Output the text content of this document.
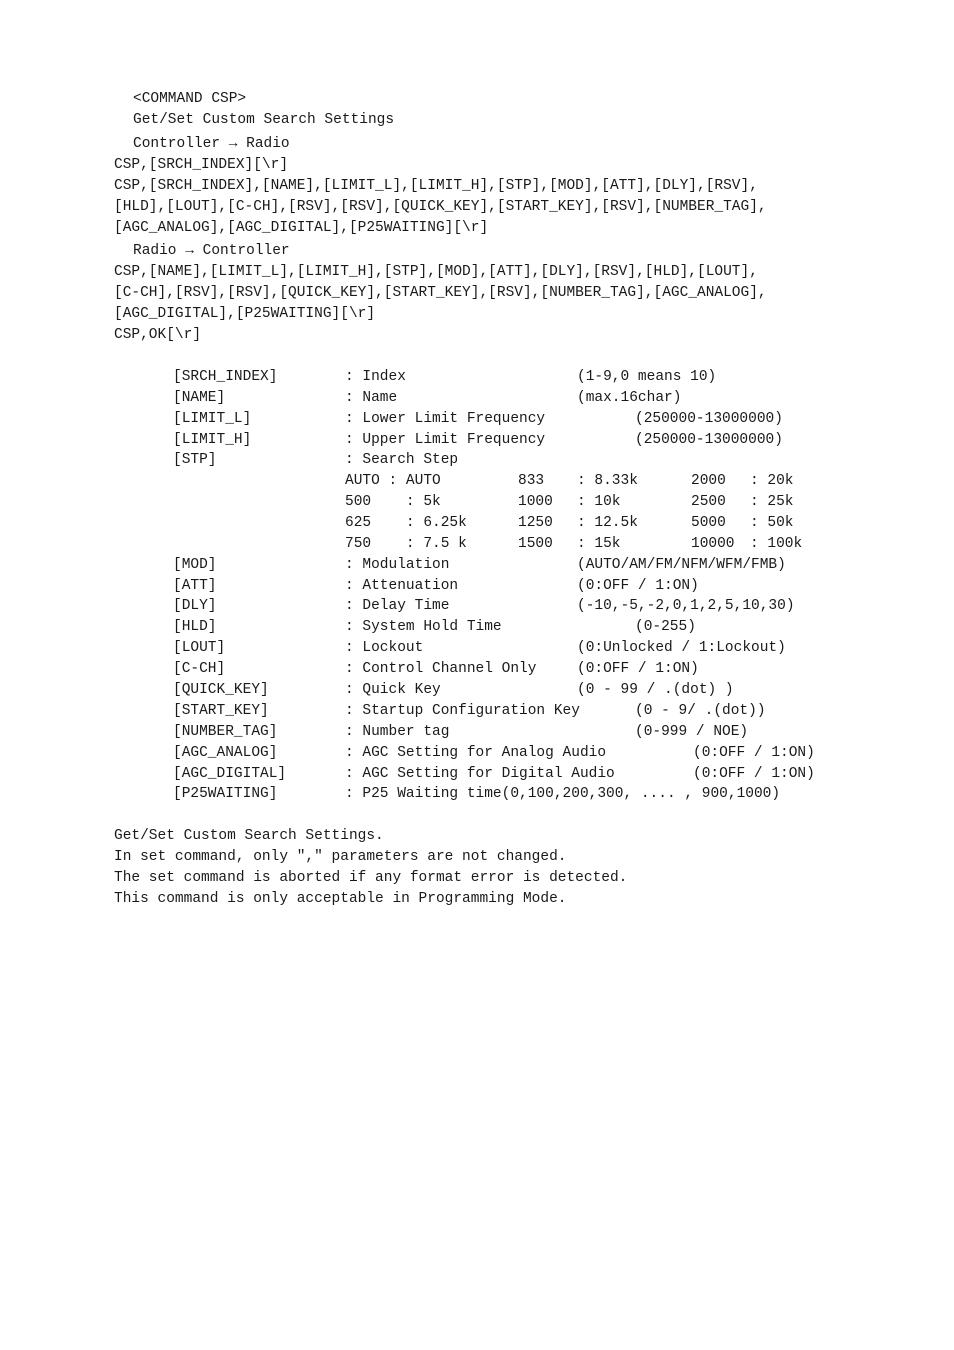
<COMMAND CSP>
Get/Set Custom Search Settings
Controller → Radio
CSP,[SRCH_INDEX][\r]
CSP,[SRCH_INDEX],[NAME],[LIMIT_L],[LIMIT_H],[STP],[MOD],[ATT],[DLY],[RSV],
[HLD],[LOUT],[C-CH],[RSV],[RSV],[QUICK_KEY],[START_KEY],[RSV],[NUMBER_TAG],
[AGC_ANALOG],[AGC_DIGITAL],[P25WAITING][\r]
Radio → Controller
CSP,[NAME],[LIMIT_L],[LIMIT_H],[STP],[MOD],[ATT],[DLY],[RSV],[HLD],[LOUT],
[C-CH],[RSV],[RSV],[QUICK_KEY],[START_KEY],[RSV],[NUMBER_TAG],[AGC_ANALOG],
[AGC_DIGITAL],[P25WAITING][\r]
CSP,OK[\r]
[SRCH_INDEX]	: Index	(1-9,0 means 10)
[NAME]	: Name	(max.16char)
[LIMIT_L]	: Lower Limit Frequency	(250000-13000000)
[LIMIT_H]	: Upper Limit Frequency	(250000-13000000)
[STP]	: Search Step
AUTO : AUTO	833 : 8.33k	2000 : 20k
500    : 5k	1000 : 10k	2500 : 25k
625    : 6.25k	1250 : 12.5k	5000 : 50k
750    : 7.5 k	1500 : 15k	10000 : 100k
[MOD]	: Modulation	(AUTO/AM/FM/NFM/WFM/FMB)
[ATT]	: Attenuation	(0:OFF / 1:ON)
[DLY]	: Delay Time	(-10,-5,-2,0,1,2,5,10,30)
[HLD]	: System Hold Time	(0-255)
[LOUT]	: Lockout	(0:Unlocked / 1:Lockout)
[C-CH]	: Control Channel Only	(0:OFF / 1:ON)
[QUICK_KEY]	: Quick Key	(0 - 99 / .(dot) )
[START_KEY]	: Startup Configuration Key	(0 - 9/ .(dot))
[NUMBER_TAG]	: Number tag	(0-999 / NOE)
[AGC_ANALOG]	: AGC Setting for Analog Audio	(0:OFF / 1:ON)
[AGC_DIGITAL]	: AGC Setting for Digital Audio	(0:OFF / 1:ON)
[P25WAITING]	: P25 Waiting time(0,100,200,300, .... , 900,1000)
Get/Set Custom Search Settings.
In set command, only "," parameters are not changed.
The set command is aborted if any format error is detected.
This command is only acceptable in Programming Mode.
